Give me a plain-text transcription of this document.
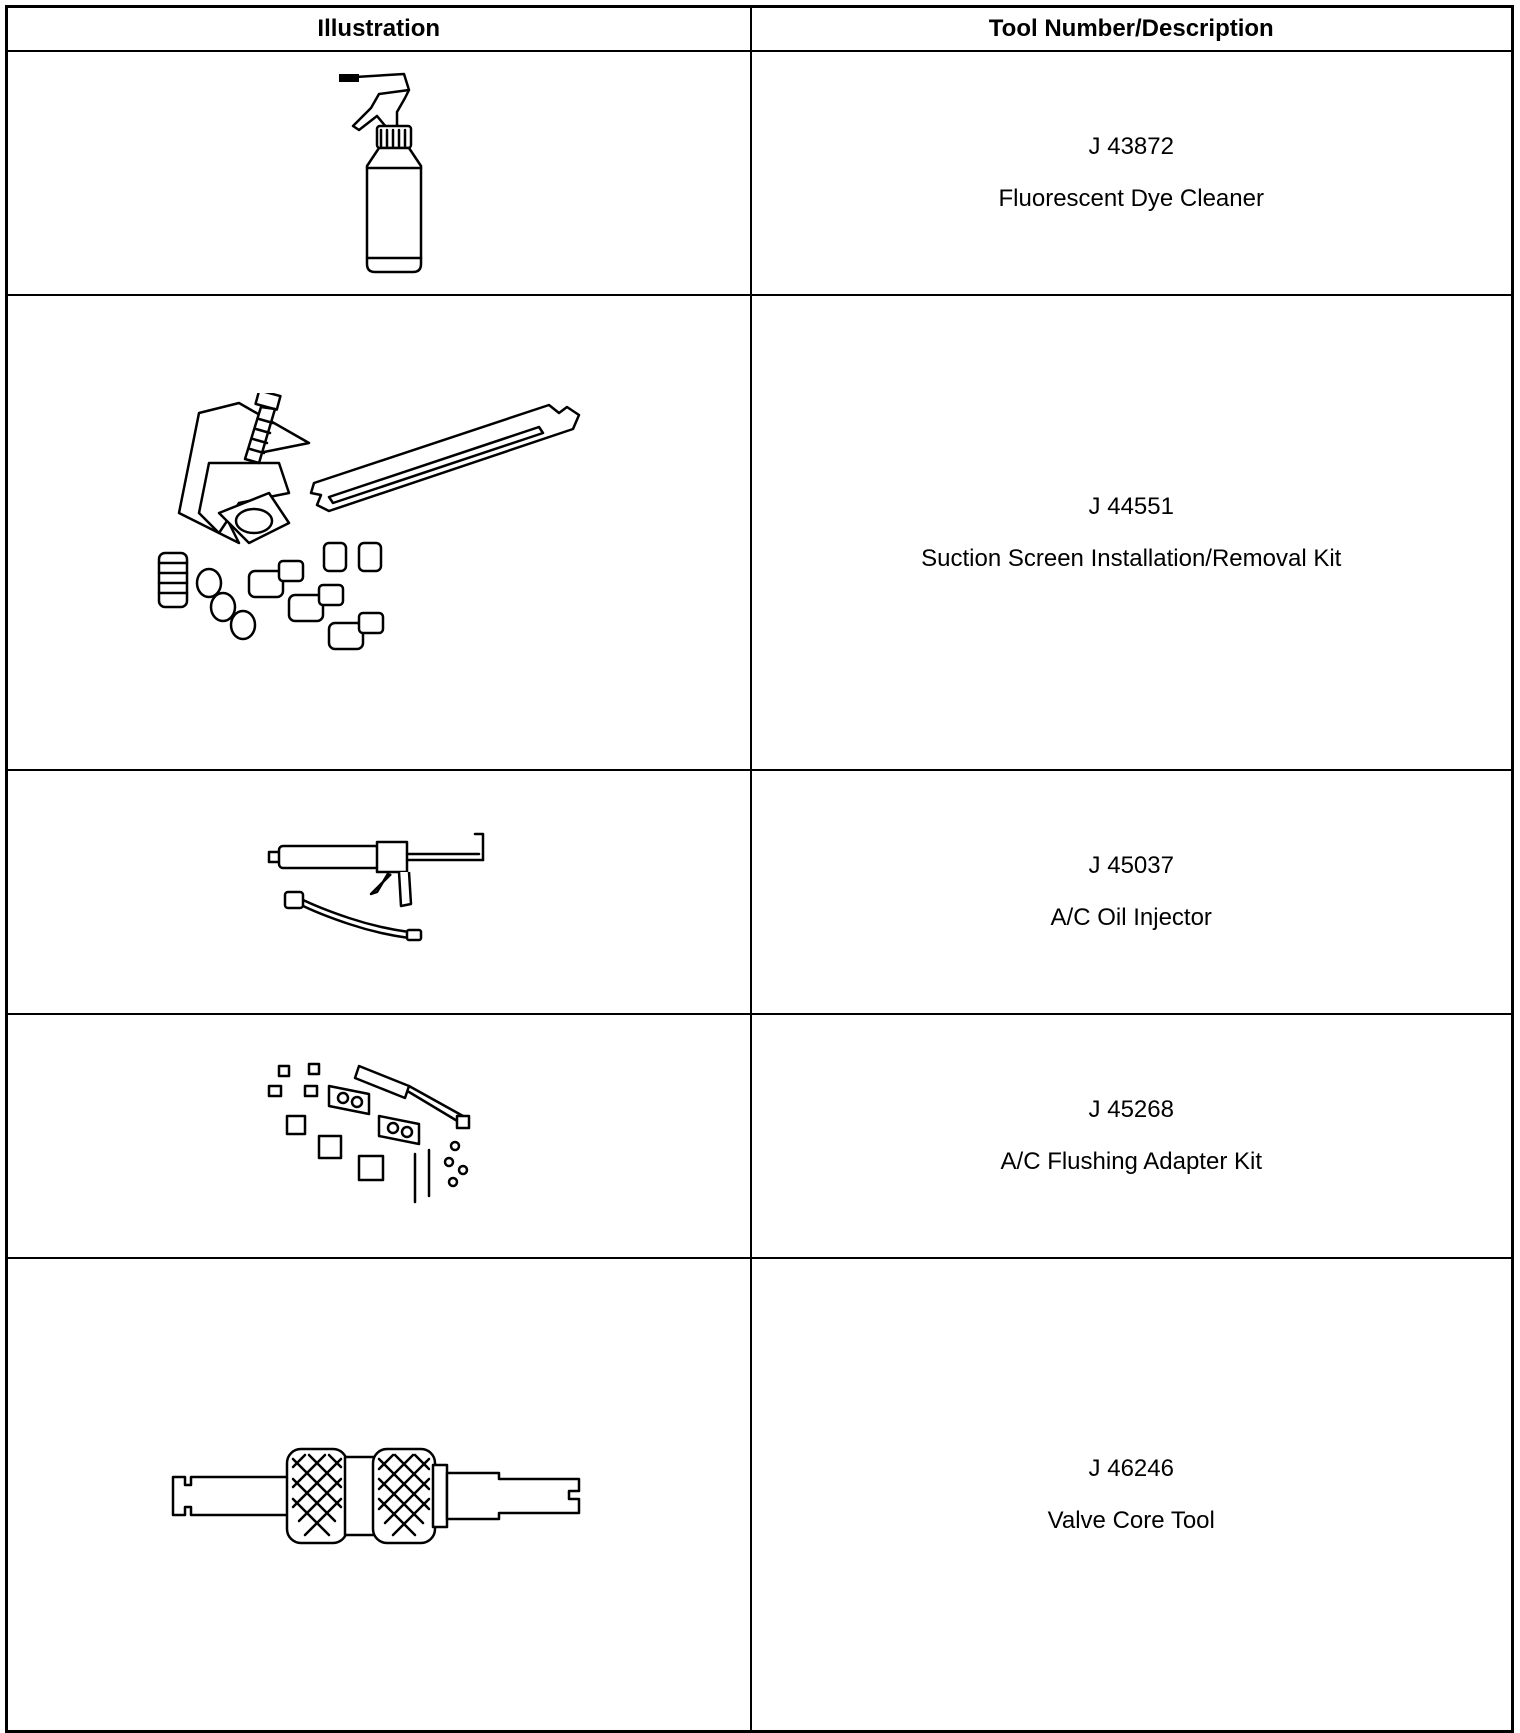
Illustration	Tool Number/Description

J 43872
Fluorescent Dye Cleaner

J 44551
Suction Screen Installation/Removal Kit

J 45037
A/C Oil Injector

J 45268
A/C Flushing Adapter Kit

J 46246
Valve Core Tool
